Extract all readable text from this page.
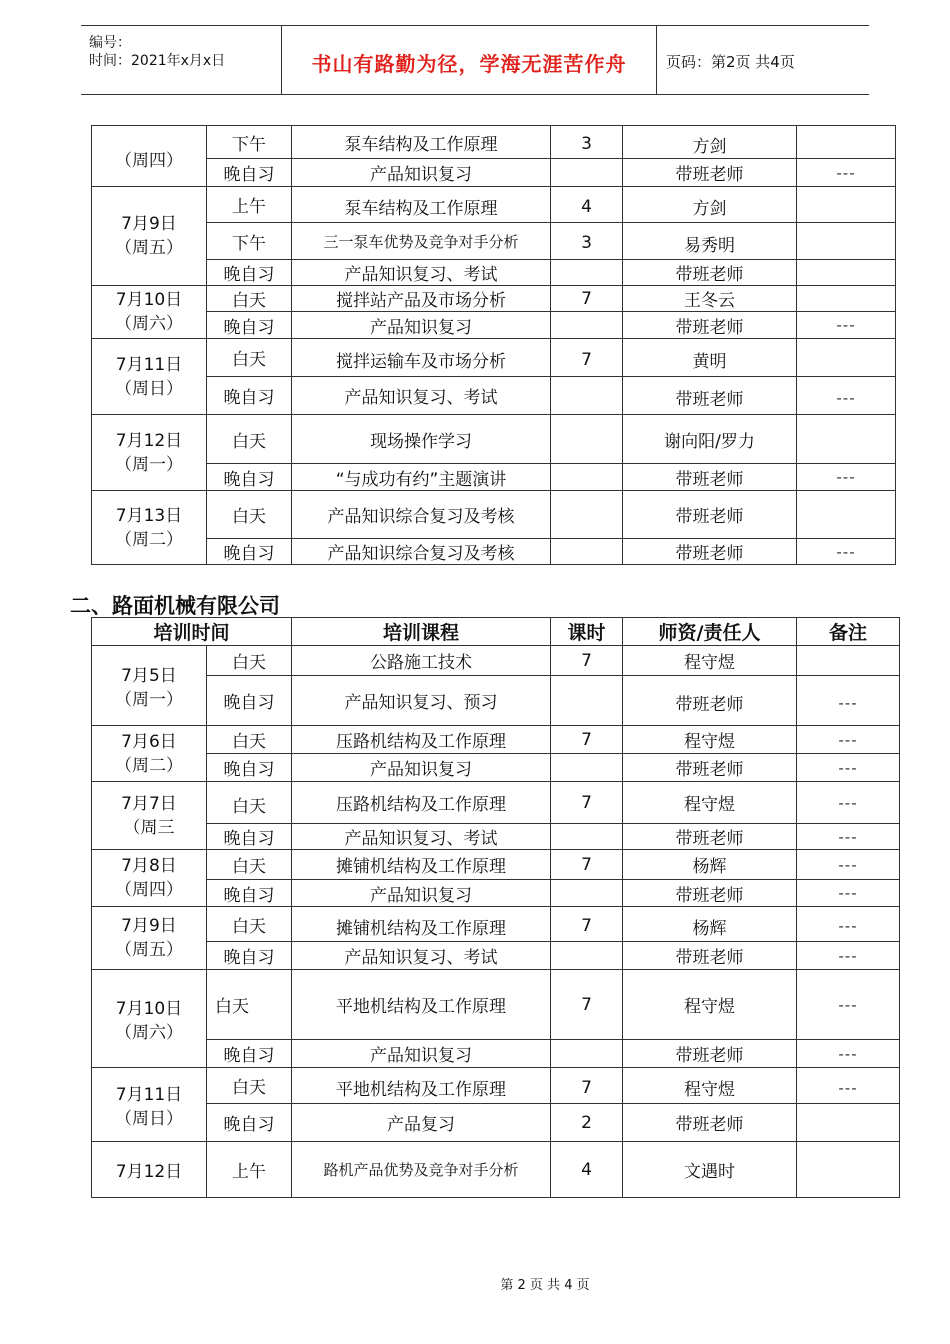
编号：
时间：2021年x月x日	书山有路勤为径，学海无涯苦作舟	页码：第2页 共4页
（周四）	下午	泵车结构及工作原理	3	方剑	

	晚自习	产品知识复习		带班老师	---
7月9日（周五）	上午	泵车结构及工作原理	4	方剑	

	下午	三一泵车优势及竞争对手分析	3	易秀明	

	晚自习	产品知识复习、考试		带班老师	
7月10日（周六）	白天	搅拌站产品及市场分析	7	王冬云	
	晚自习	产品知识复习		带班老师	---
7月11日（周日）	白天	搅拌运输车及市场分析	7	黄明	

	晚自习	产品知识复习、考试		带班老师	---

7月12日（周一）	白天	现场操作学习		谢向阳/罗力	
	晚自习	“与成功有约”主题演讲		带班老师	---
7月13日（周二）	白天	产品知识综合复习及考核		带班老师	
	晚自习	产品知识综合复习及考核		带班老师	---
二、路面机械有限公司
培训时间		培训课程	课时	师资/责任人	备注

7月5日（周一）	白天	公路施工技术	7	程守煜	
	晚自习	产品知识复习、预习		带班老师	---

7月6日（周二）	白天	压路机结构及工作原理	7	程守煜	---
	晚自习	产品知识复习		带班老师	---
7月7日（周三	白天	压路机结构及工作原理	7	程守煜	---
	晚自习	产品知识复习、考试		带班老师	---
7月8日（周四）	白天	摊铺机结构及工作原理	7	杨辉	---
	晚自习	产品知识复习		带班老师	---
7月9日（周五）	白天	摊铺机结构及工作原理	7	杨辉	---

	晚自习	产品知识复习、考试		带班老师	---

7月10日（周六）	白天	平地机结构及工作原理	7	程守煜	---
	晚自习	产品知识复习		带班老师	---

7月11日（周日）	白天	平地机结构及工作原理	7	程守煜	---

	晚自习	产品复习	2	带班老师	
7月12日	上午	路机产品优势及竞争对手分析	4	文遇时	
第 2 页 共 4 页
